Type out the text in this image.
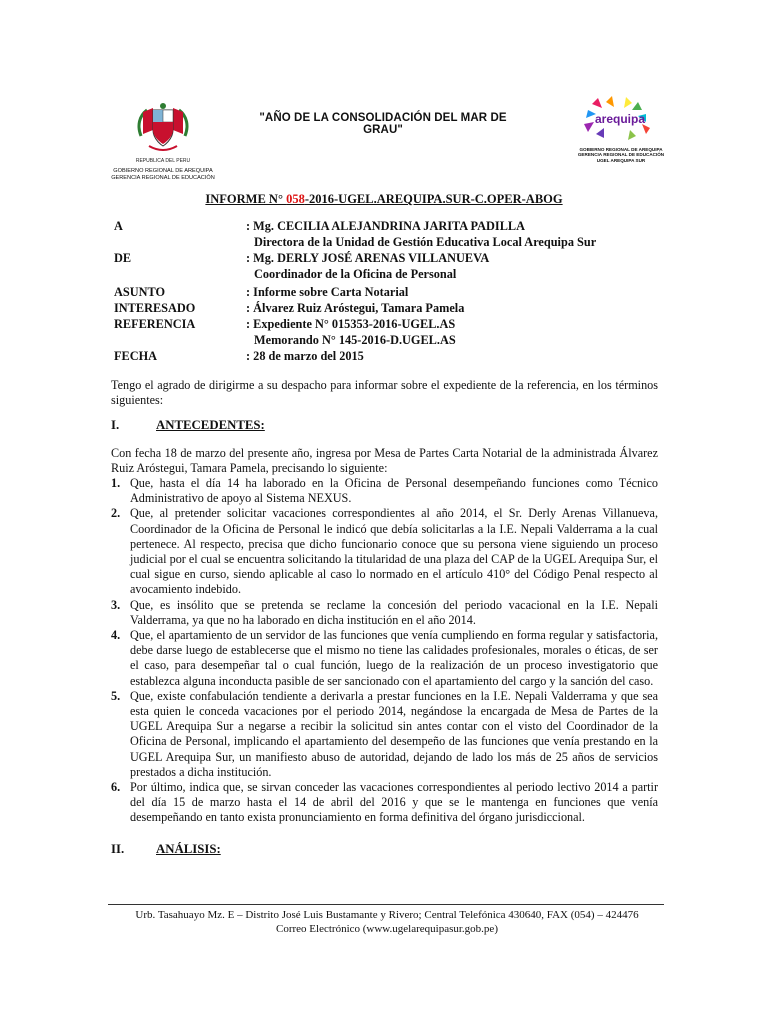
REPUBLICA DEL PERU
GOBIERNO REGIONAL DE AREQUIPA
GERENCIA REGIONAL DE EDUCACIÓN
"AÑO DE LA CONSOLIDACIÓN DEL MAR DE GRAU"
arequipa
GOBIERNO REGIONAL DE AREQUIPA
GERENCIA REGIONAL DE EDUCACIÓN
UGEL AREQUIPA SUR
INFORME N° 058-2016-UGEL.AREQUIPA.SUR-C.OPER-ABOG
A	: Mg. CECILIA ALEJANDRINA JARITA PADILLA
Directora de la Unidad de Gestión Educativa Local Arequipa Sur
DE	: Mg. DERLY JOSÉ ARENAS VILLANUEVA
Coordinador de la Oficina de Personal
ASUNTO	: Informe sobre Carta Notarial
INTERESADO	: Álvarez Ruiz Aróstegui, Tamara Pamela
REFERENCIA	: Expediente N° 015353-2016-UGEL.AS
Memorando N° 145-2016-D.UGEL.AS
FECHA	: 28 de marzo del 2015

Tengo el agrado de dirigirme a su despacho para informar sobre el expediente de la referencia, en los términos siguientes:

I.	ANTECEDENTES:

Con fecha 18 de marzo del presente año, ingresa por Mesa de Partes Carta Notarial de la administrada Álvarez Ruiz Aróstegui, Tamara Pamela, precisando lo siguiente:

1. Que, hasta el día 14 ha laborado en la Oficina de Personal desempeñando funciones como Técnico Administrativo de apoyo al Sistema NEXUS.
2. Que, al pretender solicitar vacaciones correspondientes al año 2014, el Sr. Derly Arenas Villanueva, Coordinador de la Oficina de Personal le indicó que debía solicitarlas a la I.E. Nepali Valderrama a la cual pertenece. Al respecto, precisa que dicho funcionario conoce que su persona viene siguiendo un proceso judicial por el cual se encuentra solicitando la titularidad de una plaza del CAP de la UGEL Arequipa Sur, el cual sigue en curso, siendo aplicable al caso lo normado en el artículo 410° del Código Penal respecto al avocamiento indebido.
3. Que, es insólito que se pretenda se reclame la concesión del periodo vacacional en la I.E. Nepali Valderrama, ya que no ha laborado en dicha institución en el año 2014.
4. Que, el apartamiento de un servidor de las funciones que venía cumpliendo en forma regular y satisfactoria, debe darse luego de establecerse que el mismo no tiene las calidades profesionales, morales o éticas, de ser el caso, para desempeñar tal o cual función, luego de la realización de un proceso investigatorio que establezca alguna inconducta pasible de ser sancionado con el apartamiento del cargo y la sanción del caso.
5. Que, existe confabulación tendiente a derivarla a prestar funciones en la I.E. Nepali Valderrama y que sea esta quien le conceda vacaciones por el periodo 2014, negándose la encargada de Mesa de Partes de la UGEL Arequipa Sur a negarse a recibir la solicitud sin antes contar con el visto del Coordinador de la Oficina de Personal, implicando el apartamiento del desempeño de las funciones que venía prestando en la UGEL Arequipa Sur, un manifiesto abuso de autoridad, dejando de lado los más de 25 años de servicios prestados a dicha institución.
6. Por último, indica que, se sirvan conceder las vacaciones correspondientes al periodo lectivo 2014 a partir del día 15 de marzo hasta el 14 de abril del 2016 y que se le mantenga en funciones que venía desempeñando en tanto exista pronunciamiento en forma definitiva del órgano jurisdiccional.

II. ANÁLISIS:

Urb. Tasahuayo Mz. E – Distrito José Luis Bustamante y Rivero; Central Telefónica 430640, FAX (054) – 424476
Correo Electrónico (www.ugelarequipasur.gob.pe)
